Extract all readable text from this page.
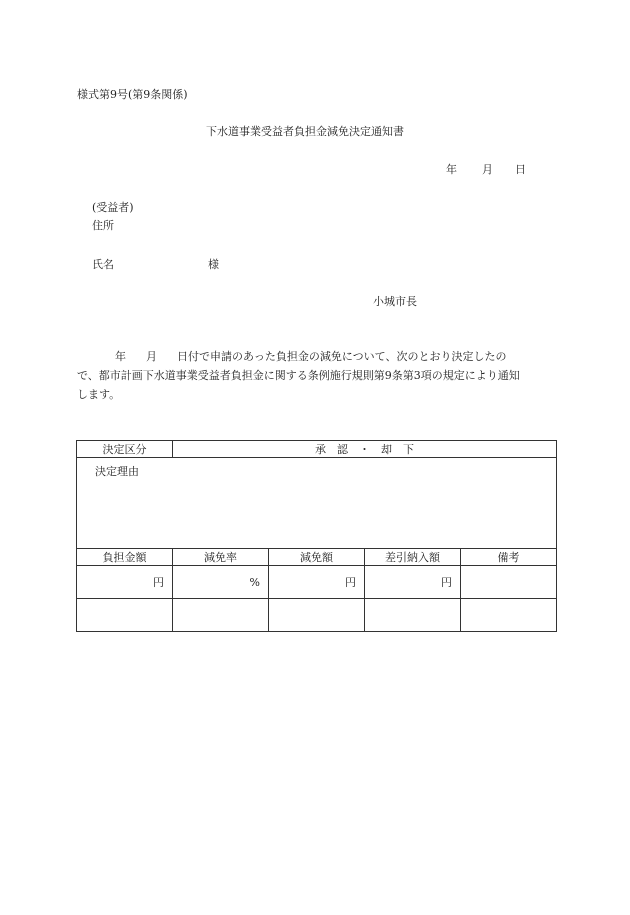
様式第9号(第9条関係)
下水道事業受益者負担金減免決定通知書
年 月 日
(受益者)
住所
氏名	様
小城市長
年 月 日付で申請のあった負担金の減免について、次のとおり決定したの
で、都市計画下水道事業受益者負担金に関する条例施行規則第9条第3項の規定により通知
します。
決定区分	承　認　・　却　下			

決定理由				

負担金額	減免率	減免額	差引納入額	備考
円	%	円	円	
